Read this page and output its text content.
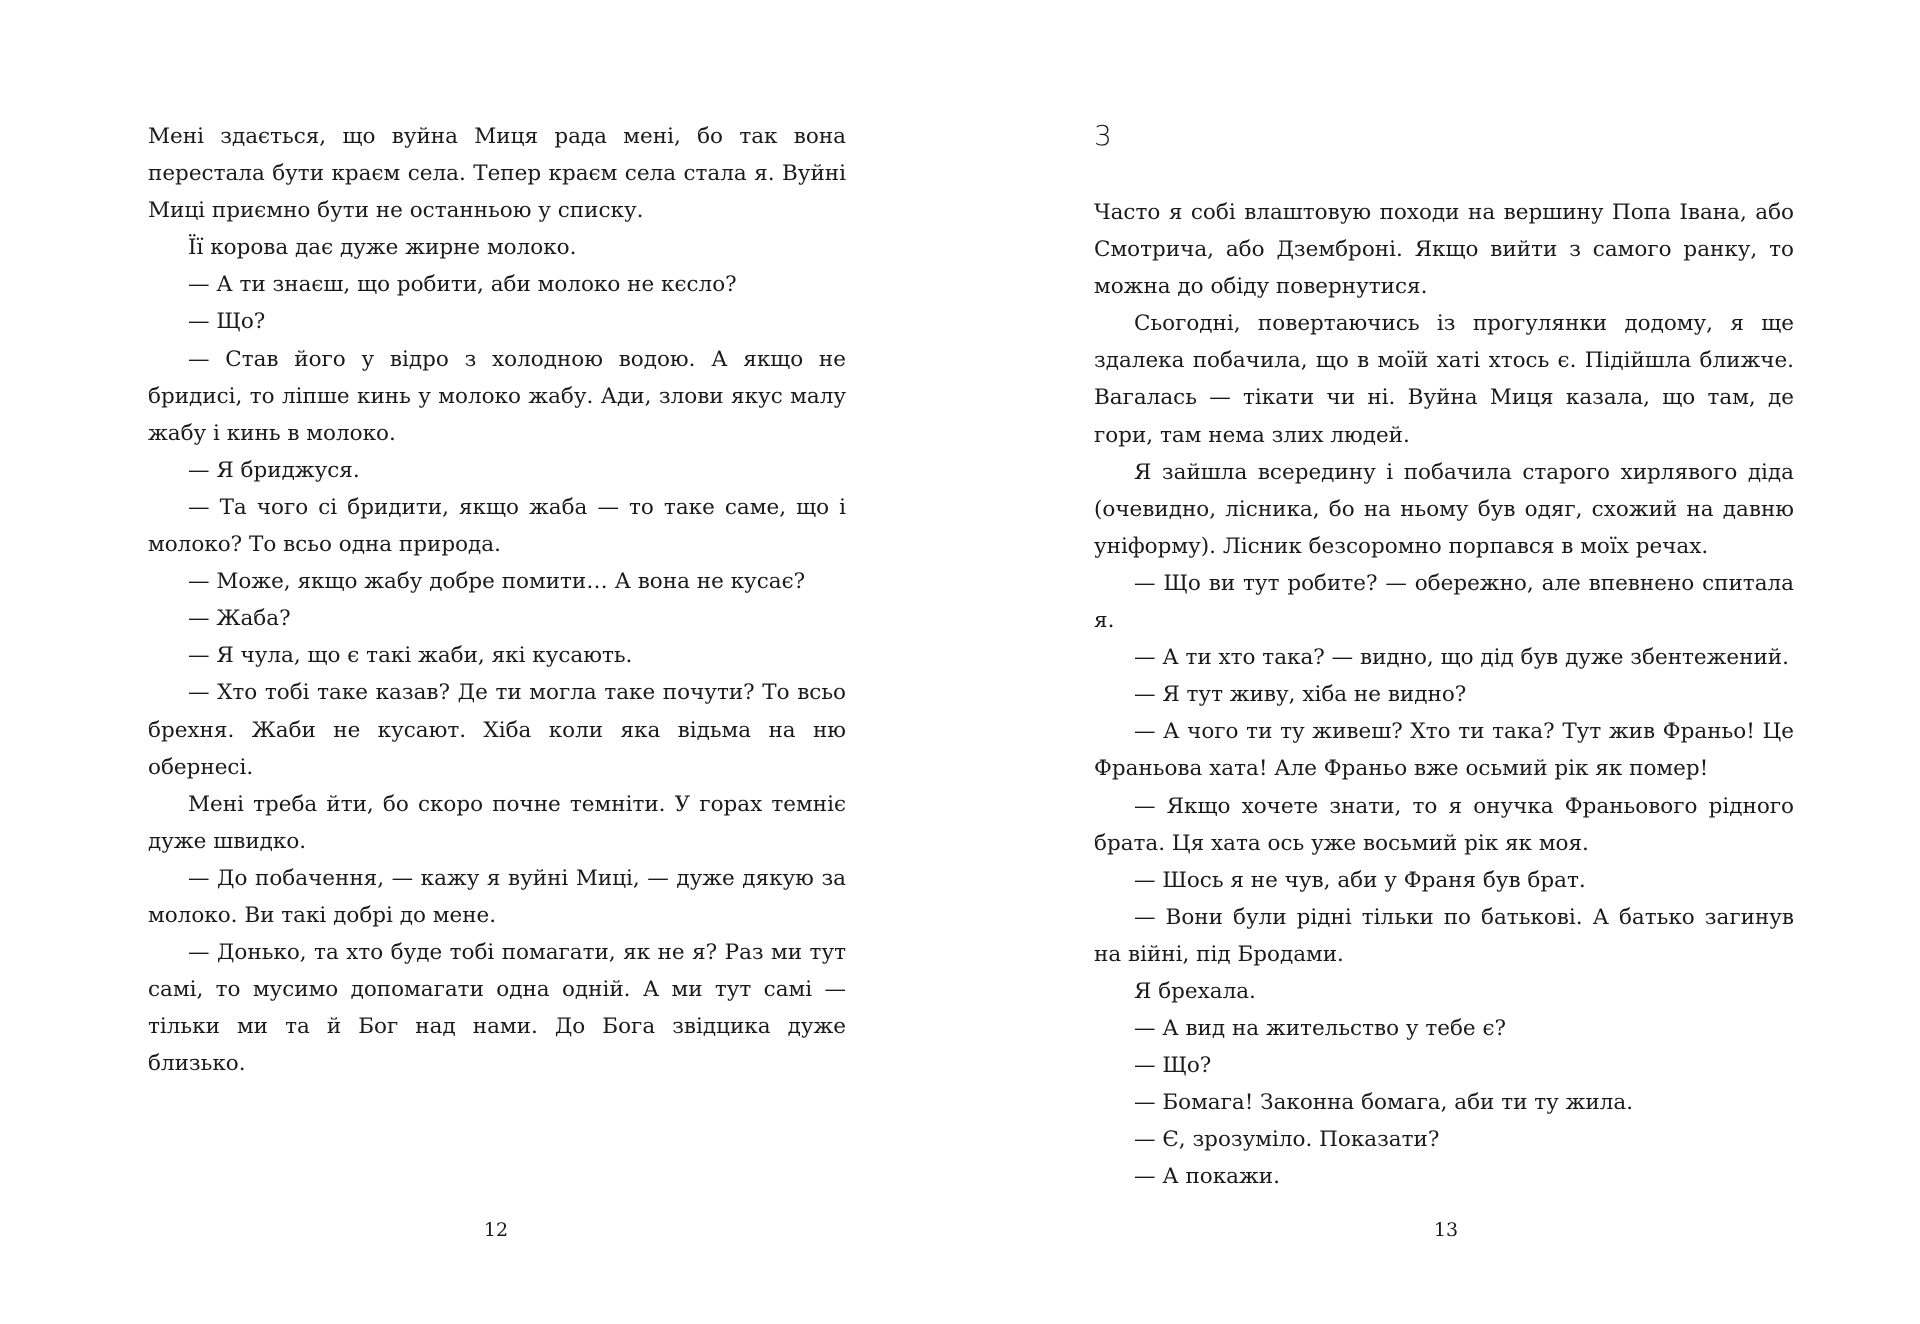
Мені здається, що вуйна Миця рада мені, бо так вона перестала бути краєм села. Тепер краєм села стала я. Вуйні Миці приємно бути не останньою у списку.

Її корова дає дуже жирне молоко.

— А ти знаєш, що робити, аби молоко не кєсло?

— Що?

— Став його у відро з холодною водою. А якщо не бридисі, то ліпше кинь у молоко жабу. Ади, злови якус малу жабу і кинь в молоко.

— Я бриджуся.

— Та чого сі бридити, якщо жаба — то таке саме, що і молоко? То всьо одна природа.

— Може, якщо жабу добре помити… А вона не кусає?

— Жаба?

— Я чула, що є такі жаби, які кусають.

— Хто тобі таке казав? Де ти могла таке почути? То всьо брехня. Жаби не кусают. Хіба коли яка відьма на ню обернесі.

Мені треба йти, бо скоро почне темніти. У горах темніє дуже швидко.

— До побачення, — кажу я вуйні Миці, — дуже дякую за молоко. Ви такі добрі до мене.

— Донько, та хто буде тобі помагати, як не я? Раз ми тут самі, то мусимо допомагати одна одній. А ми тут самі — тільки ми та й Бог над нами. До Бога звідцика дуже близько.

12
3

Часто я собі влаштовую походи на вершину Попа Івана, або Смотрича, або Дземброні. Якщо вийти з самого ранку, то можна до обіду повернутися.

Сьогодні, повертаючись із прогулянки додому, я ще здалека побачила, що в моїй хаті хтось є. Підійшла ближче. Вагалась — тікати чи ні. Вуйна Миця казала, що там, де гори, там нема злих людей.

Я зайшла всередину і побачила старого хирлявого діда (очевидно, лісника, бо на ньому був одяг, схожий на давню уніформу). Лісник безсоромно порпався в моїх речах.

— Що ви тут робите? — обережно, але впевнено спитала я.

— А ти хто така? — видно, що дід був дуже збентежений.

— Я тут живу, хіба не видно?

— А чого ти ту живеш? Хто ти така? Тут жив Франьо! Це Франьова хата! Але Франьо вже осьмий рік як помер!

— Якщо хочете знати, то я онучка Франьового рідного брата. Ця хата ось уже восьмий рік як моя.

— Шось я не чув, аби у Франя був брат.

— Вони були рідні тільки по батькові. А батько загинув на війні, під Бродами.

Я брехала.

— А вид на жительство у тебе є?

— Що?

— Бомага! Законна бомага, аби ти ту жила.

— Є, зрозуміло. Показати?

— А покажи.

13
